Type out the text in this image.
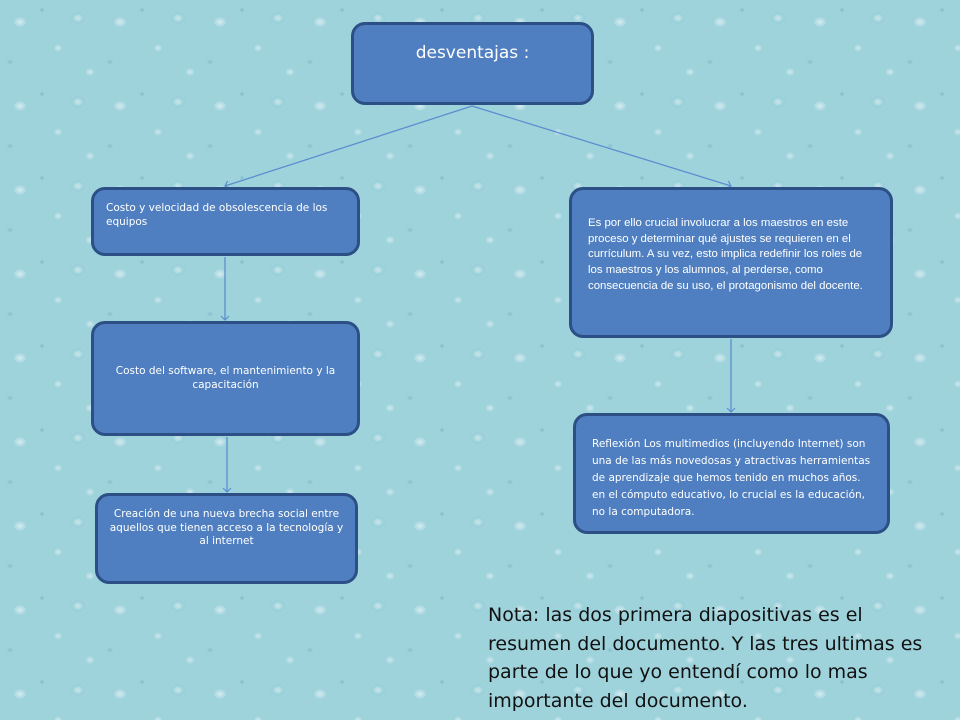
desventajas :
Costo y velocidad de obsolescencia de los equipos
Costo del software, el mantenimiento y la capacitación
Creación de una nueva brecha social entre aquellos que tienen acceso a la tecnología y al internet
Es por ello crucial involucrar a los maestros en este proceso y determinar qué ajustes se requieren en el currículum. A su vez, esto implica redefinir los roles de los maestros y los alumnos, al perderse, como consecuencia de su uso, el protagonismo del docente.
Reflexión Los multimedios (incluyendo Internet) son una de las más novedosas y atractivas herramientas de aprendizaje que hemos tenido en muchos años. en el cómputo educativo, lo crucial es la educación, no la computadora.
Nota: las dos primera diapositivas es el resumen del documento. Y las tres ultimas es parte de lo que yo entendí como lo mas importante del documento.
